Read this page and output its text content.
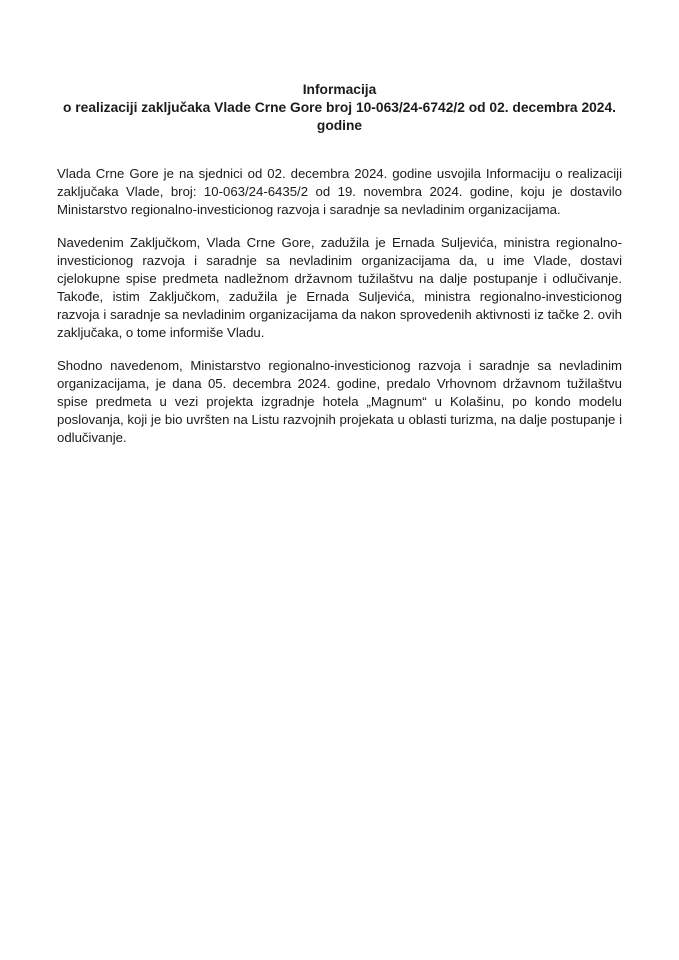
Informacija
o realizaciji zaključaka Vlade Crne Gore broj 10-063/24-6742/2 od 02. decembra 2024. godine

Vlada Crne Gore je na sjednici od 02. decembra 2024. godine usvojila Informaciju o realizaciji zaključaka Vlade, broj: 10-063/24-6435/2 od 19. novembra 2024. godine, koju je dostavilo Ministarstvo regionalno-investicionog razvoja i saradnje sa nevladinim organizacijama.

Navedenim Zaključkom, Vlada Crne Gore, zadužila je Ernada Suljevića, ministra regionalno-investicionog razvoja i saradnje sa nevladinim organizacijama da, u ime Vlade, dostavi cjelokupne spise predmeta nadležnom državnom tužilaštvu na dalje postupanje i odlučivanje. Takođe, istim Zaključkom, zadužila je Ernada Suljevića, ministra regionalno-investicionog razvoja i saradnje sa nevladinim organizacijama da nakon sprovedenih aktivnosti iz tačke 2. ovih zaključaka, o tome informiše Vladu.

Shodno navedenom, Ministarstvo regionalno-investicionog razvoja i saradnje sa nevladinim organizacijama, je dana 05. decembra 2024. godine, predalo Vrhovnom državnom tužilaštvu spise predmeta u vezi projekta izgradnje hotela „Magnum“ u Kolašinu, po kondo modelu poslovanja, koji je bio uvršten na Listu razvojnih projekata u oblasti turizma, na dalje postupanje i odlučivanje.
